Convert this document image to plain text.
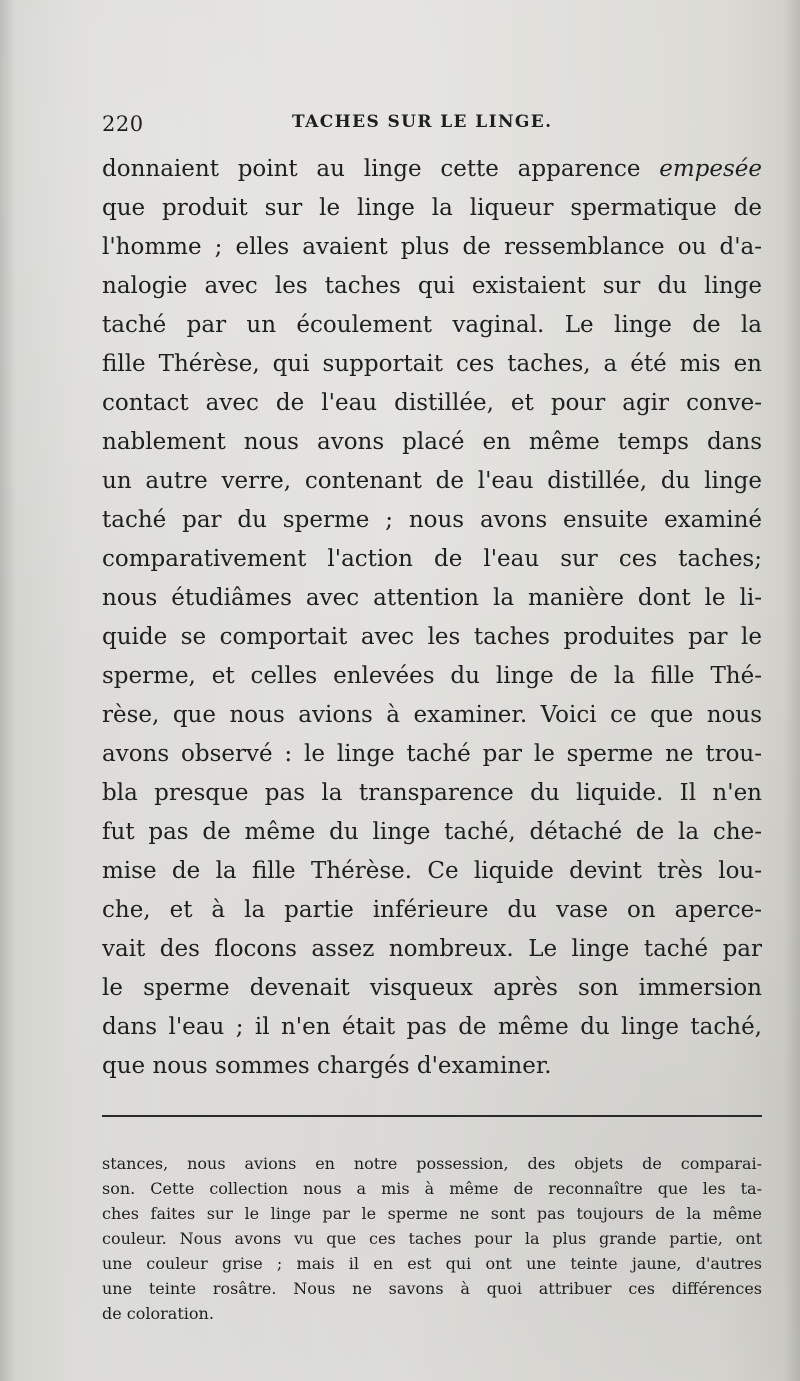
220	TACHES SUR LE LINGE.
donnaient point au linge cette apparence empesée
que produit sur le linge la liqueur spermatique de
l'homme ; elles avaient plus de ressemblance ou d'a-
nalogie avec les taches qui existaient sur du linge
taché par un écoulement vaginal. Le linge de la
fille Thérèse, qui supportait ces taches, a été mis en
contact avec de l'eau distillée, et pour agir conve-
nablement nous avons placé en même temps dans
un autre verre, contenant de l'eau distillée, du linge
taché par du sperme ; nous avons ensuite examiné
comparativement l'action de l'eau sur ces taches;
nous étudiâmes avec attention la manière dont le li-
quide se comportait avec les taches produites par le
sperme, et celles enlevées du linge de la fille Thé-
rèse, que nous avions à examiner. Voici ce que nous
avons observé : le linge taché par le sperme ne trou-
bla presque pas la transparence du liquide. Il n'en
fut pas de même du linge taché, détaché de la che-
mise de la fille Thérèse. Ce liquide devint très lou-
che, et à la partie inférieure du vase on aperce-
vait des flocons assez nombreux. Le linge taché par
le sperme devenait visqueux après son immersion
dans l'eau ; il n'en était pas de même du linge taché,
que nous sommes chargés d'examiner.
stances, nous avions en notre possession, des objets de comparai-
son. Cette collection nous a mis à même de reconnaître que les ta-
ches faites sur le linge par le sperme ne sont pas toujours de la même
couleur. Nous avons vu que ces taches pour la plus grande partie, ont
une couleur grise ; mais il en est qui ont une teinte jaune, d'autres
une teinte rosâtre. Nous ne savons à quoi attribuer ces différences
de coloration.
